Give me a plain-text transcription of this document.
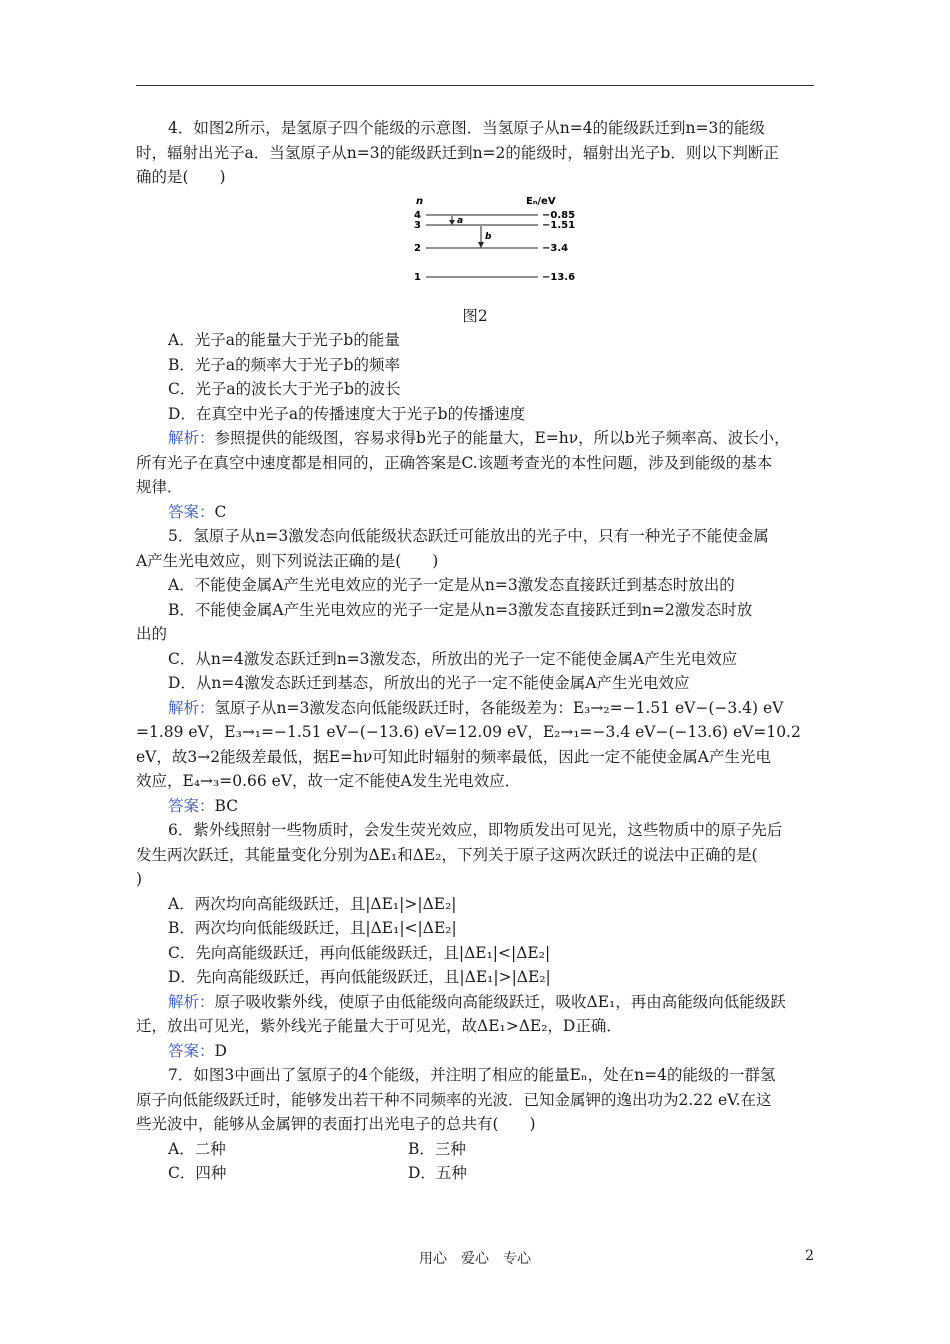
4．如图2所示，是氢原子四个能级的示意图．当氢原子从n=4的能级跃迁到n=3的能级

时，辐射出光子a．当氢原子从n=3的能级跃迁到n=2的能级时，辐射出光子b．则以下判断正

确的是(　　)

n	Eₙ/eV
4	−0.85
3	−1.51
2	−3.4
1	−13.6
a
b

图2

A．光子a的能量大于光子b的能量

B．光子a的频率大于光子b的频率

C．光子a的波长大于光子b的波长

D．在真空中光子a的传播速度大于光子b的传播速度

解析：参照提供的能级图，容易求得b光子的能量大，E=hν，所以b光子频率高、波长小，

所有光子在真空中速度都是相同的，正确答案是C.该题考查光的本性问题，涉及到能级的基本

规律．

答案：C

5．氢原子从n=3激发态向低能级状态跃迁可能放出的光子中，只有一种光子不能使金属

A产生光电效应，则下列说法正确的是(　　)

A．不能使金属A产生光电效应的光子一定是从n=3激发态直接跃迁到基态时放出的

B．不能使金属A产生光电效应的光子一定是从n=3激发态直接跃迁到n=2激发态时放

出的

C．从n=4激发态跃迁到n=3激发态，所放出的光子一定不能使金属A产生光电效应

D．从n=4激发态跃迁到基态，所放出的光子一定不能使金属A产生光电效应

解析：氢原子从n=3激发态向低能级跃迁时，各能级差为：E₃→₂=−1.51 eV−(−3.4) eV

=1.89 eV，E₃→₁=−1.51 eV−(−13.6) eV=12.09 eV，E₂→₁=−3.4 eV−(−13.6) eV=10.2

eV，故3→2能级差最低，据E=hν可知此时辐射的频率最低，因此一定不能使金属A产生光电

效应，E₄→₃=0.66 eV，故一定不能使A发生光电效应．

答案：BC

6．紫外线照射一些物质时，会发生荧光效应，即物质发出可见光，这些物质中的原子先后

发生两次跃迁，其能量变化分别为ΔE₁和ΔE₂，下列关于原子这两次跃迁的说法中正确的是(

)

A．两次均向高能级跃迁，且|ΔE₁|>|ΔE₂|

B．两次均向低能级跃迁，且|ΔE₁|<|ΔE₂|

C．先向高能级跃迁，再向低能级跃迁，且|ΔE₁|<|ΔE₂|

D．先向高能级跃迁，再向低能级跃迁，且|ΔE₁|>|ΔE₂|

解析：原子吸收紫外线，使原子由低能级向高能级跃迁，吸收ΔE₁，再由高能级向低能级跃

迁，放出可见光，紫外线光子能量大于可见光，故ΔE₁>ΔE₂，D正确．

答案：D

7．如图3中画出了氢原子的4个能级，并注明了相应的能量Eₙ，处在n=4的能级的一群氢

原子向低能级跃迁时，能够发出若干种不同频率的光波．已知金属钾的逸出功为2.22 eV.在这

些光波中，能够从金属钾的表面打出光电子的总共有(　　)

A．二种	B．三种
C．四种	D．五种
用心　爱心　专心	2
